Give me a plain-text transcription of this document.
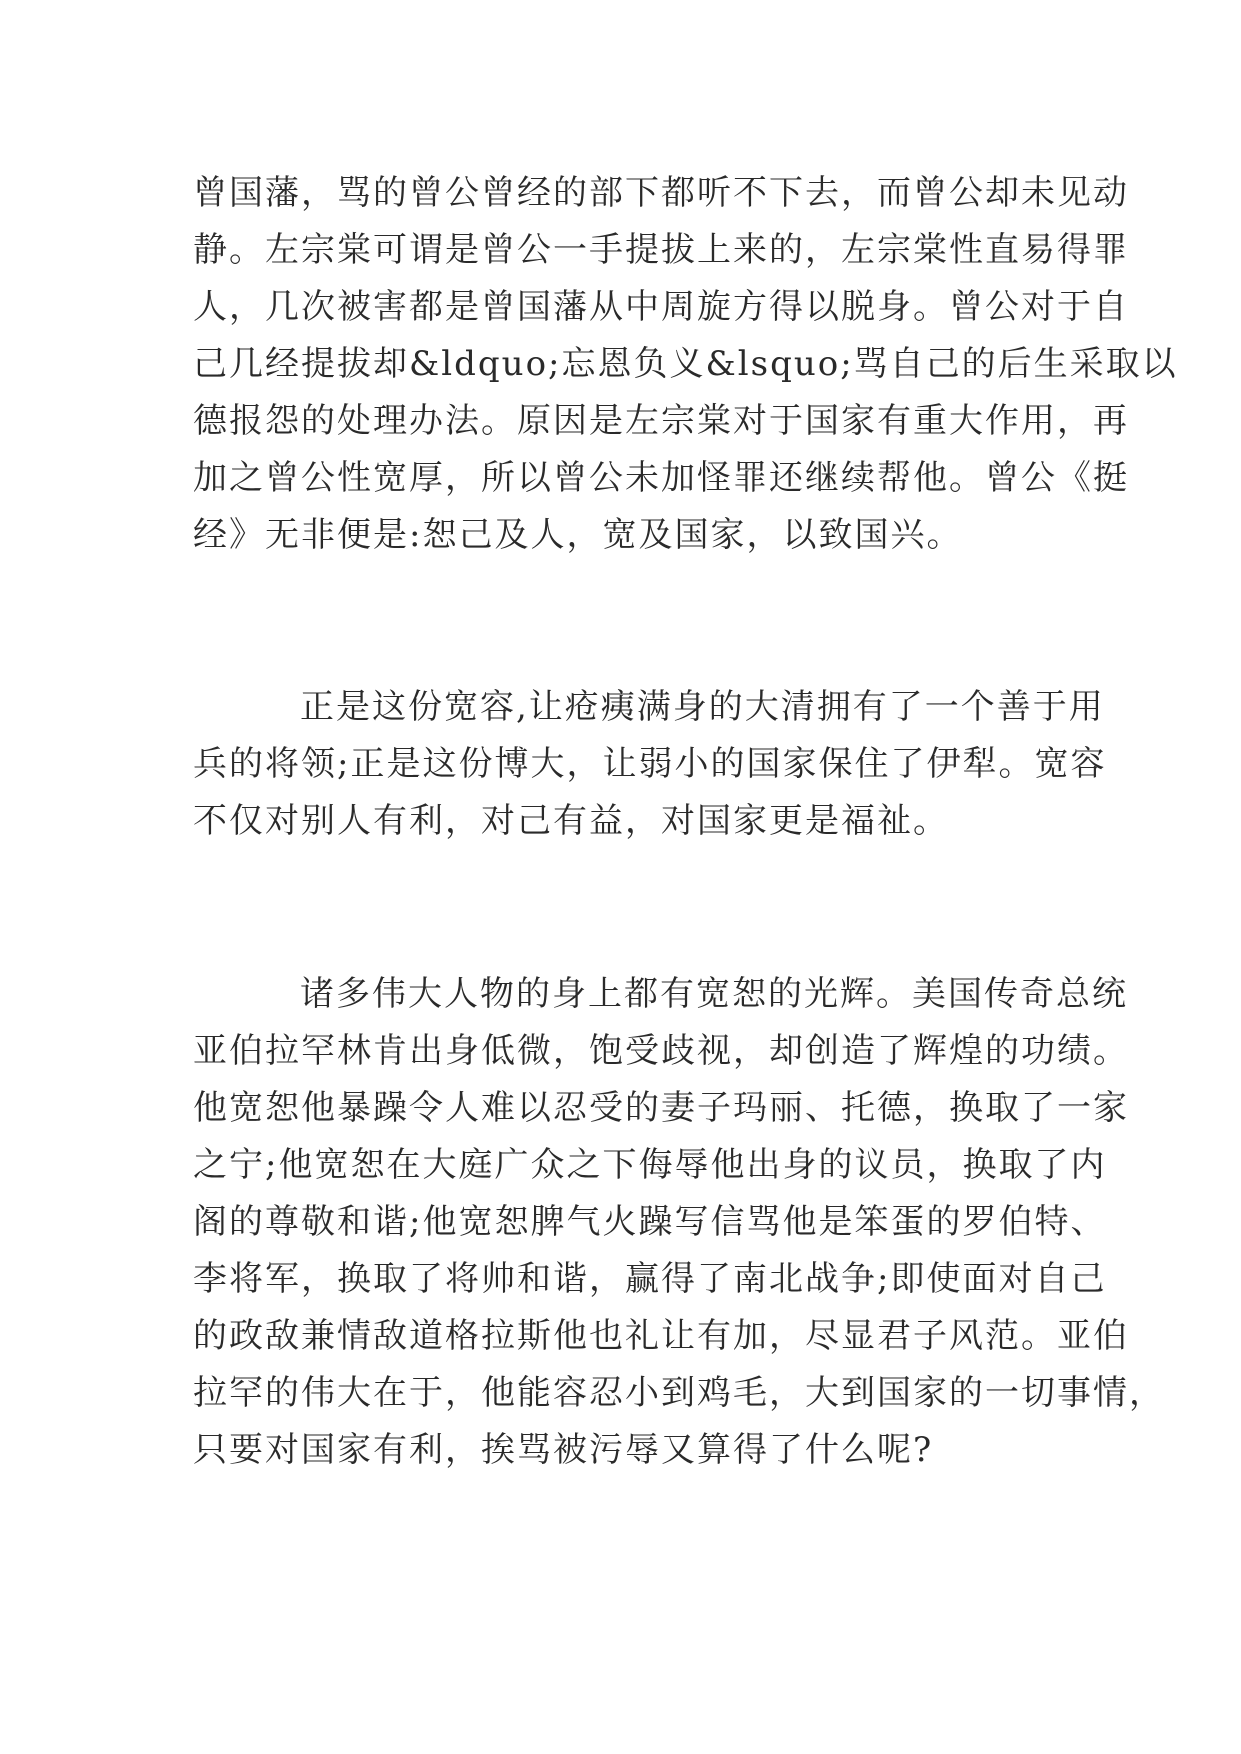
曾国藩，骂的曾公曾经的部下都听不下去，而曾公却未见动
静。左宗棠可谓是曾公一手提拔上来的，左宗棠性直易得罪
人，几次被害都是曾国藩从中周旋方得以脱身。曾公对于自
己几经提拔却&ldquo;忘恩负义&lsquo;骂自己的后生采取以
德报怨的处理办法。原因是左宗棠对于国家有重大作用，再
加之曾公性宽厚，所以曾公未加怪罪还继续帮他。曾公《挺
经》无非便是:恕己及人，宽及国家，以致国兴。
正是这份宽容,让疮痍满身的大清拥有了一个善于用
兵的将领;正是这份博大，让弱小的国家保住了伊犁。宽容
不仅对别人有利，对己有益，对国家更是福祉。
诸多伟大人物的身上都有宽恕的光辉。美国传奇总统
亚伯拉罕林肯出身低微，饱受歧视，却创造了辉煌的功绩。
他宽恕他暴躁令人难以忍受的妻子玛丽、托德，换取了一家
之宁;他宽恕在大庭广众之下侮辱他出身的议员，换取了内
阁的尊敬和谐;他宽恕脾气火躁写信骂他是笨蛋的罗伯特、
李将军，换取了将帅和谐，赢得了南北战争;即使面对自己
的政敌兼情敌道格拉斯他也礼让有加，尽显君子风范。亚伯
拉罕的伟大在于，他能容忍小到鸡毛，大到国家的一切事情，
只要对国家有利，挨骂被污辱又算得了什么呢?
